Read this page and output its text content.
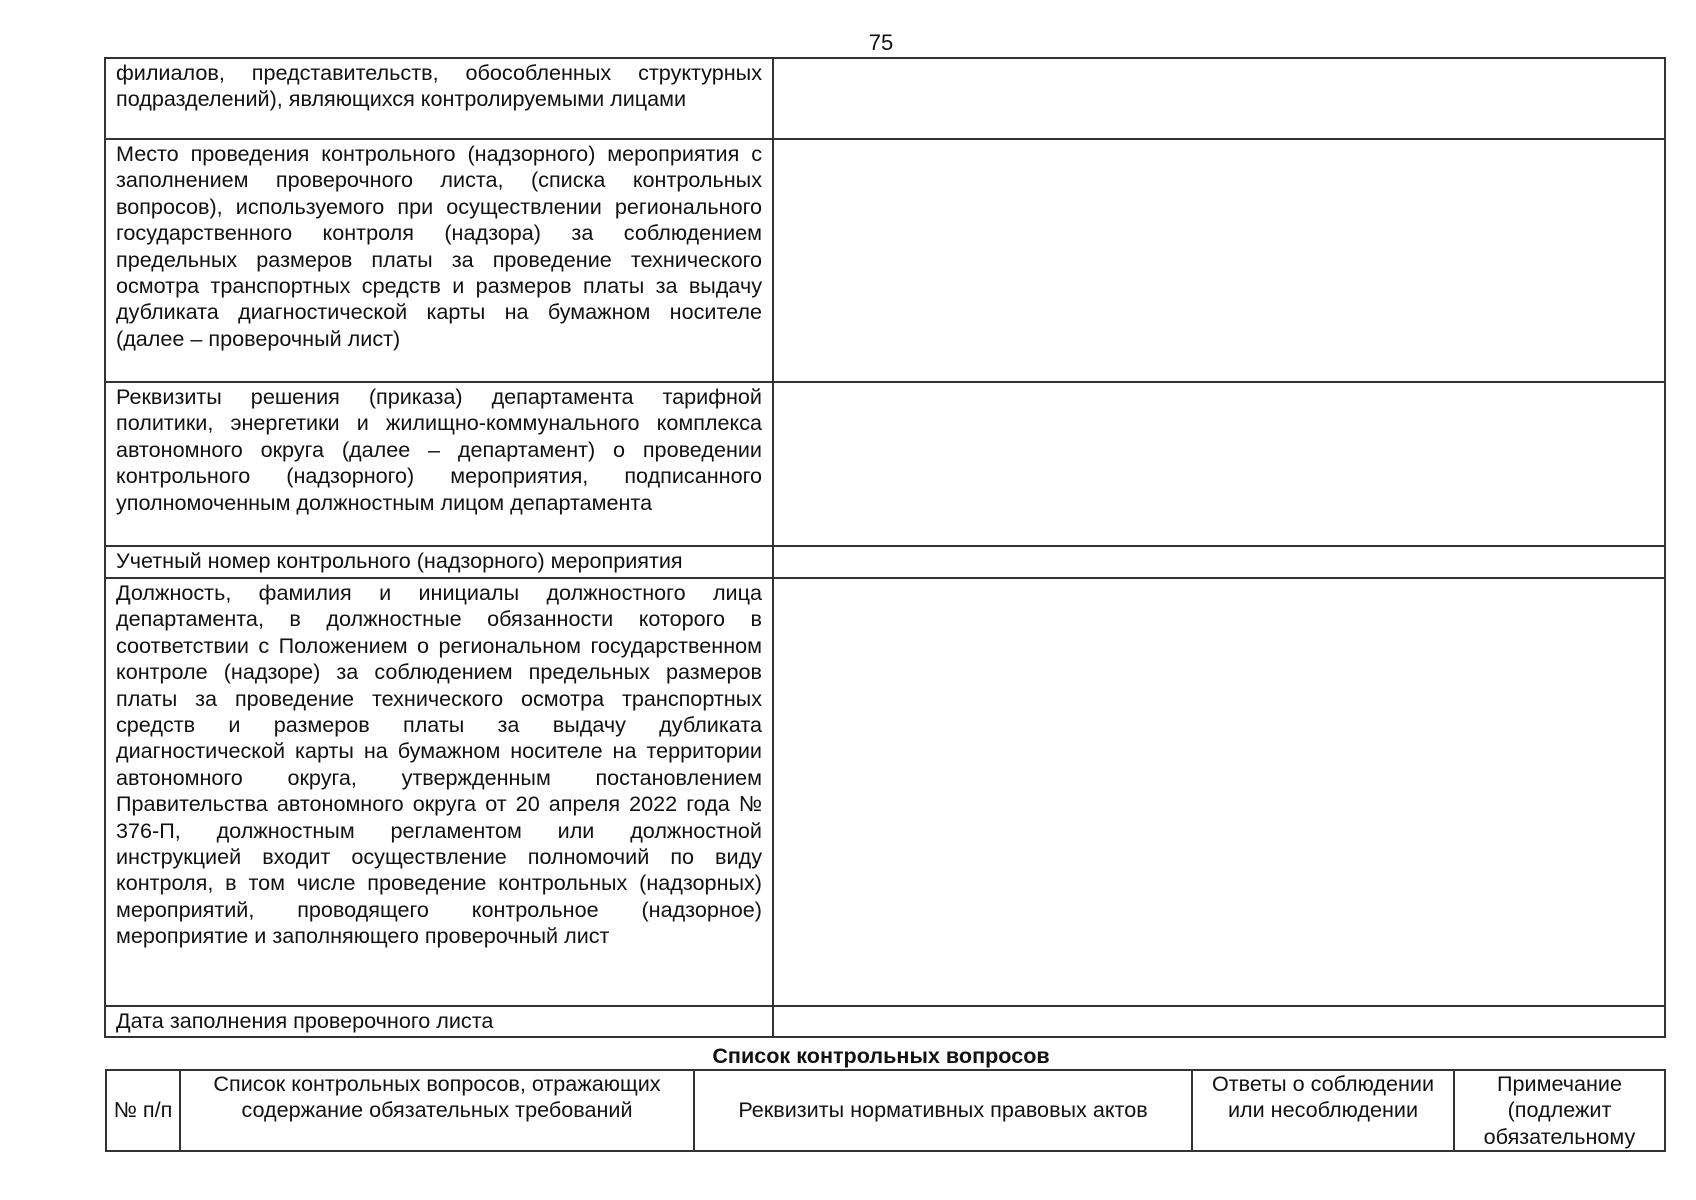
75
филиалов, представительств, обособленных структурных подразделений), являющихся контролируемыми лицами	
Место проведения контрольного (надзорного) мероприятия с заполнением проверочного листа, (списка контрольных вопросов), используемого при осуществлении регионального государственного контроля (надзора) за соблюдением предельных размеров платы за проведение технического осмотра транспортных средств и размеров платы за выдачу дубликата диагностической карты на бумажном носителе (далее – проверочный лист)	
Реквизиты решения (приказа) департамента тарифной политики, энергетики и жилищно-коммунального комплекса автономного округа (далее – департамент) о проведении контрольного (надзорного) мероприятия, подписанного уполномоченным должностным лицом департамента	
Учетный номер контрольного (надзорного) мероприятия	
Должность, фамилия и инициалы должностного лица департамента, в должностные обязанности которого в соответствии с Положением о региональном государственном контроле (надзоре) за соблюдением предельных размеров платы за проведение технического осмотра транспортных средств и размеров платы за выдачу дубликата диагностической карты на бумажном носителе на территории автономного округа, утвержденным постановлением Правительства автономного округа от 20 апреля 2022 года № 376-П, должностным регламентом или должностной инструкцией входит осуществление полномочий по виду контроля, в том числе проведение контрольных (надзорных) мероприятий, проводящего контрольное (надзорное) мероприятие и заполняющего проверочный лист	
Дата заполнения проверочного листа	
Список контрольных вопросов
№ п/п	Список контрольных вопросов, отражающих содержание обязательных требований	Реквизиты нормативных правовых актов	Ответы о соблюдении или несоблюдении	Примечание (подлежит обязательному
